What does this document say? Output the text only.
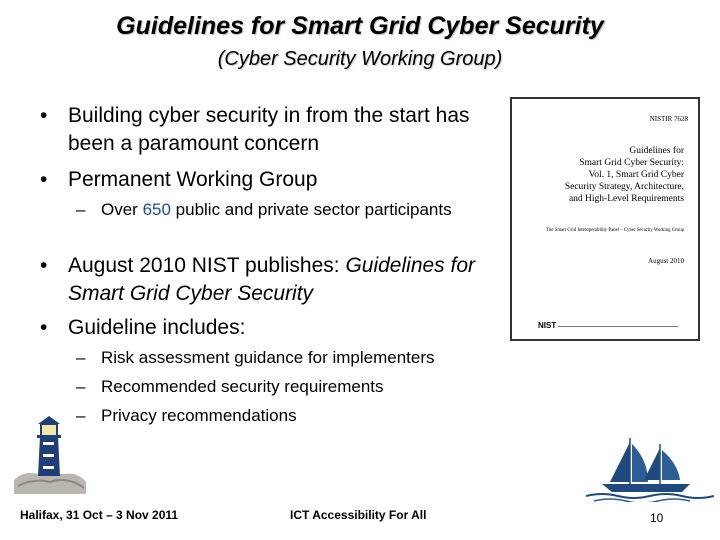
Guidelines for Smart Grid Cyber Security
(Cyber Security Working Group)
• Building cyber security in from the start has been a paramount concern
• Permanent Working Group
– Over 650 public and private sector participants
• August 2010 NIST publishes: Guidelines for Smart Grid Cyber Security
• Guideline includes:
– Risk assessment guidance for implementers
– Recommended security requirements
– Privacy recommendations
NISTIR 7628
Guidelines for
Smart Grid Cyber Security:
Vol. 1, Smart Grid Cyber
Security Strategy, Architecture,
and High-Level Requirements
The Smart Grid Interoperability Panel – Cyber Security Working Group
August 2010
NIST
Halifax, 31 Oct – 3 Nov 2011	ICT Accessibility For All	10
